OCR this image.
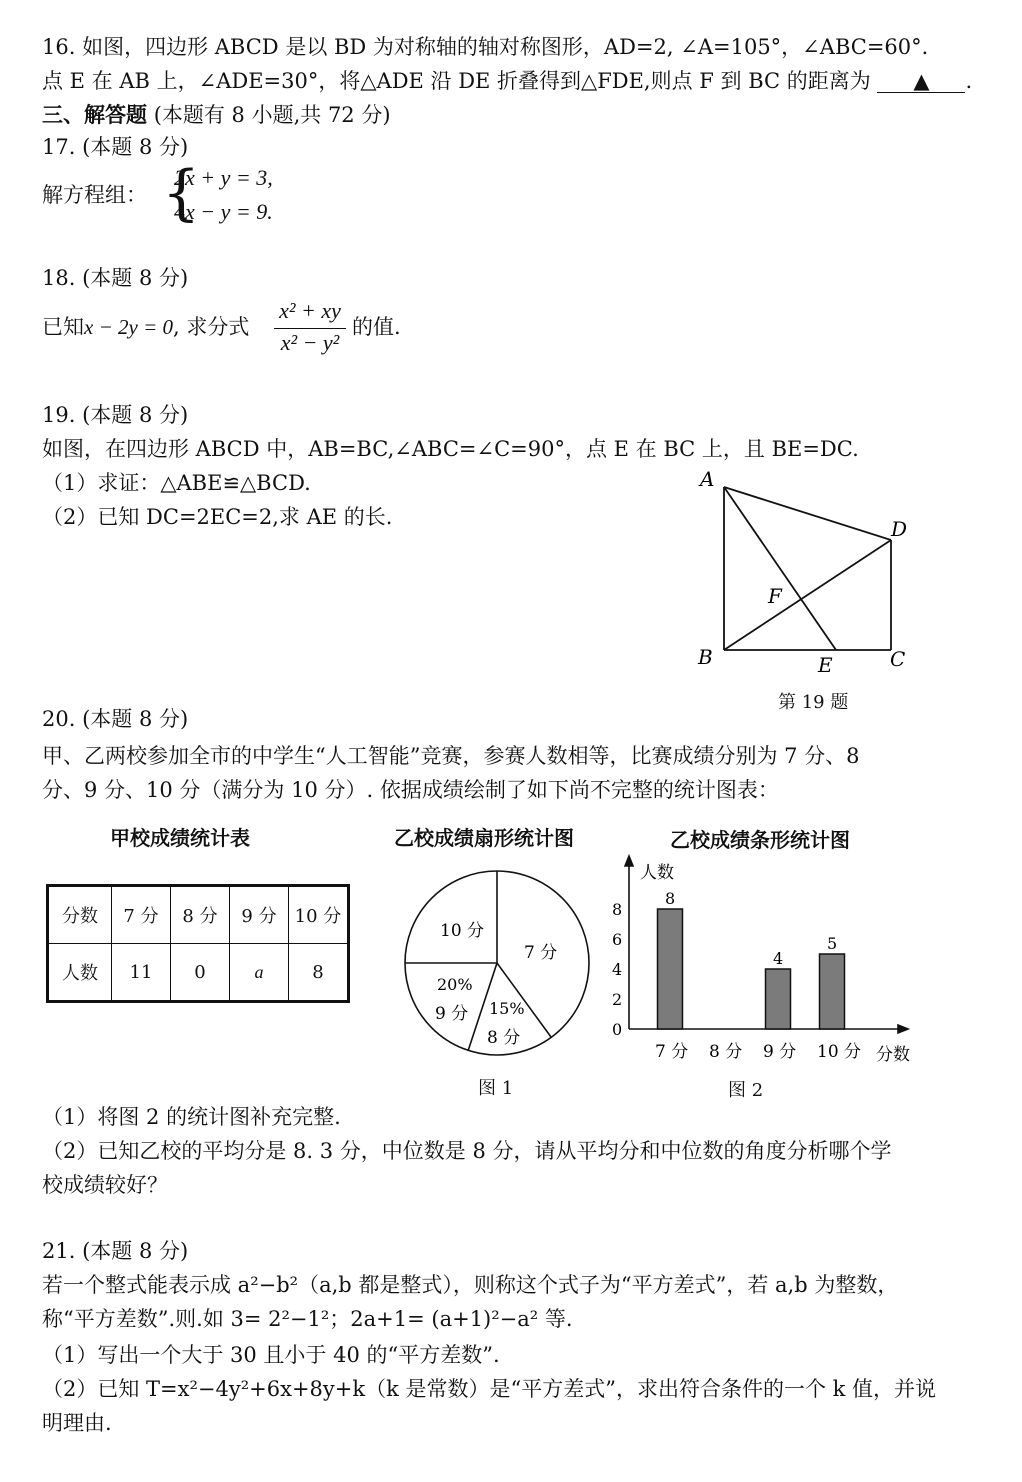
16. 如图，四边形 ABCD 是以 BD 为对称轴的轴对称图形，AD=2, ∠A=105°，∠ABC=60°．
点 E 在 AB 上，∠ADE=30°，将△ADE 沿 DE 折叠得到△FDE,则点 F 到 BC 的距离为 ▲ .
三、解答题 (本题有 8 小题,共 72 分)
17. (本题 8 分)
解方程组： {
2x + y = 3,
4x − y = 9.
18. (本题 8 分)
已知x − 2y = 0, 求分式
x² + xy
x² − y²
的值.
19. (本题 8 分)
如图，在四边形 ABCD 中，AB=BC,∠ABC=∠C=90°，点 E 在 BC 上，且 BE=DC.
（1）求证：△ABE≌△BCD.
（2）已知 DC=2EC=2,求 AE 的长.
A
D
F
B	E	C
第 19 题
20. (本题 8 分)
甲、乙两校参加全市的中学生“人工智能”竞赛，参赛人数相等，比赛成绩分别为 7 分、8
分、9 分、10 分（满分为 10 分）. 依据成绩绘制了如下尚不完整的统计图表：
甲校成绩统计表
分数	7 分	8 分	9 分	10 分
人数	11	0	a	8
乙校成绩扇形统计图
10 分
7 分
20%
9 分 15%
8 分
图 1
乙校成绩条形统计图
人数
分数
0
2
4
6
8
7 分
8
8 分 9 分
4
10 分
5
图 2
（1）将图 2 的统计图补充完整.
（2）已知乙校的平均分是 8. 3 分，中位数是 8 分，请从平均分和中位数的角度分析哪个学
校成绩较好？
21. (本题 8 分)
若一个整式能表示成 a²−b²（a,b 都是整式），则称这个式子为“平方差式”，若 a,b 为整数，
称“平方差数”.则.如 3= 2²−1²；2a+1= (a+1)²−a² 等.
（1）写出一个大于 30 且小于 40 的“平方差数”.
（2）已知 T=x²−4y²+6x+8y+k（k 是常数）是“平方差式”，求出符合条件的一个 k 值，并说
明理由.
